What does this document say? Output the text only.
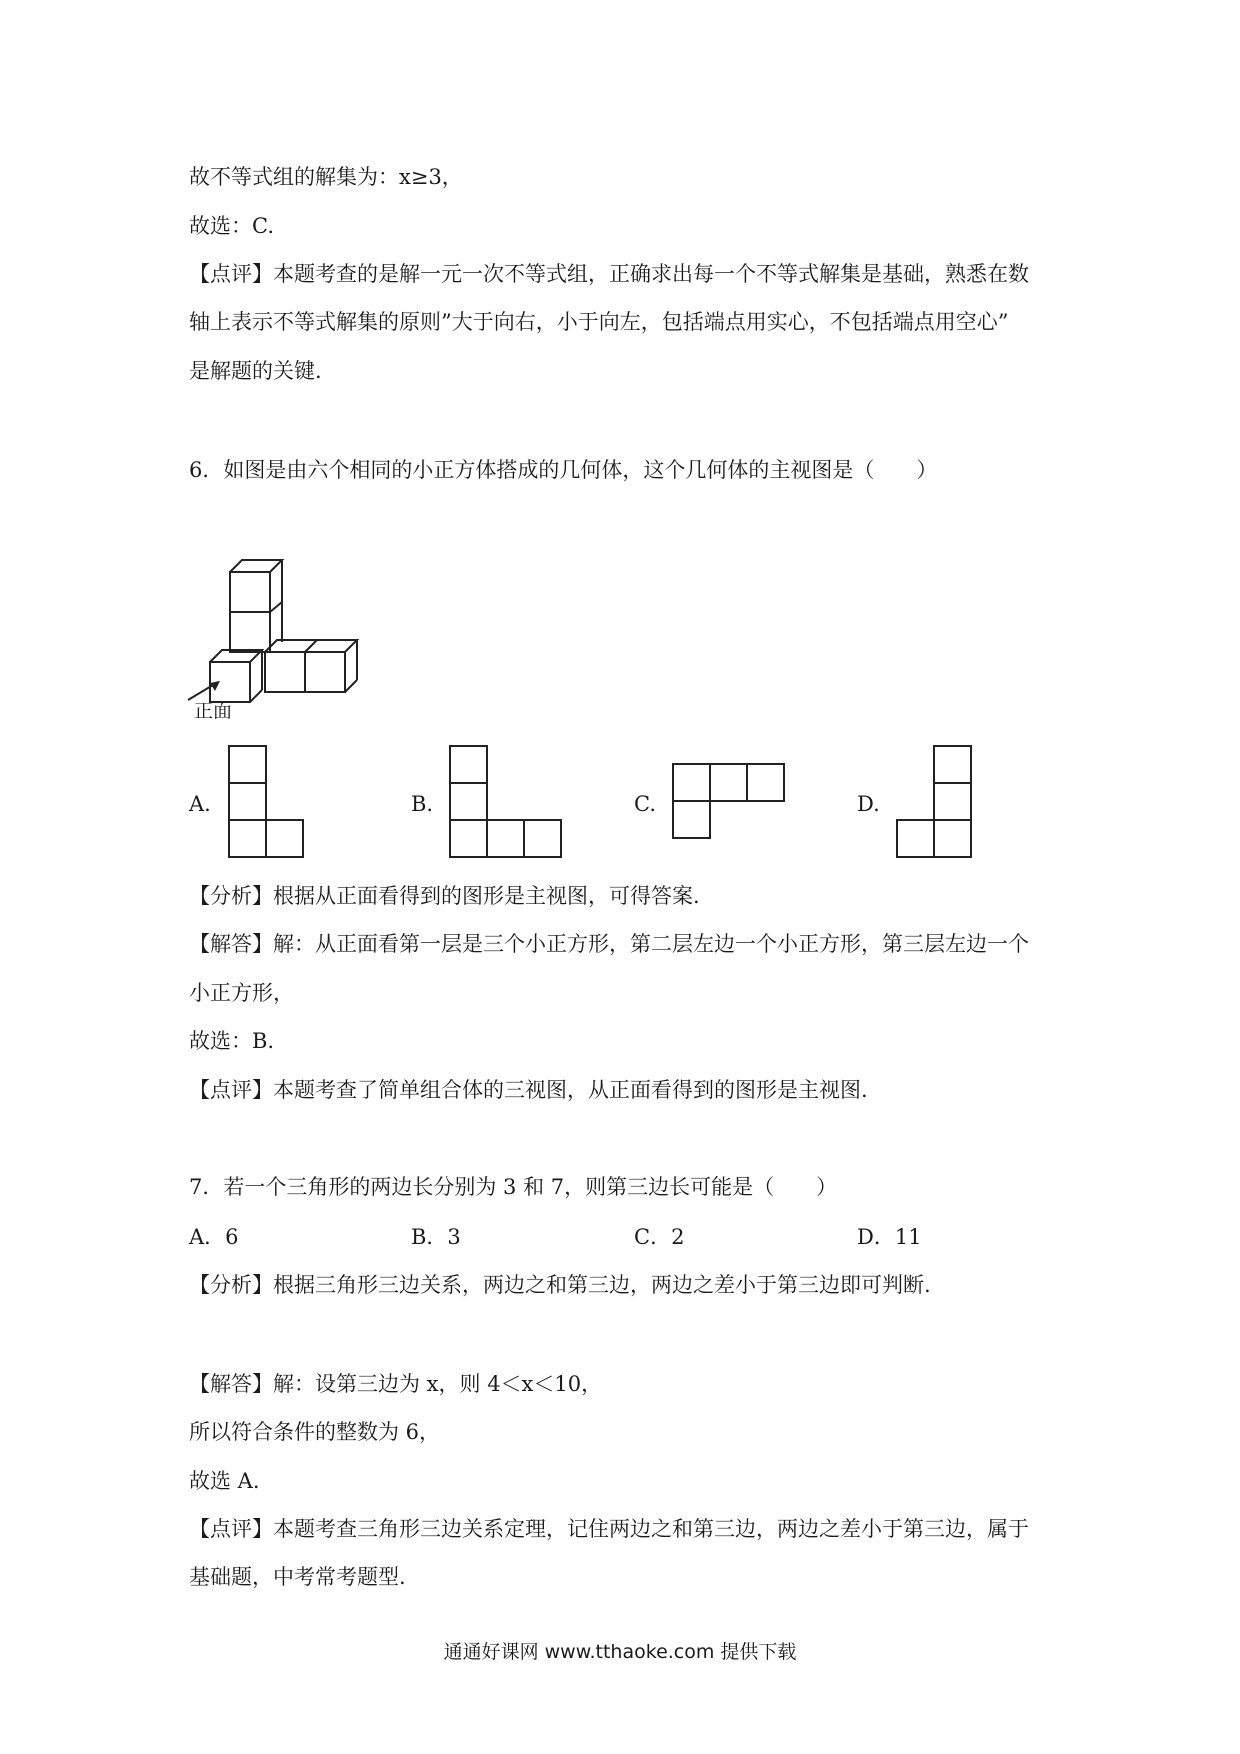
故不等式组的解集为：x≥3，
故选：C.
【点评】本题考查的是解一元一次不等式组，正确求出每一个不等式解集是基础，熟悉在数
轴上表示不等式解集的原则”大于向右，小于向左，包括端点用实心，不包括端点用空心”
是解题的关键.
6．如图是由六个相同的小正方体搭成的几何体，这个几何体的主视图是（　　）
正面
A.	B.	C.	D.
【分析】根据从正面看得到的图形是主视图，可得答案.
【解答】解：从正面看第一层是三个小正方形，第二层左边一个小正方形，第三层左边一个
小正方形，
故选：B.
【点评】本题考查了简单组合体的三视图，从正面看得到的图形是主视图.
7．若一个三角形的两边长分别为 3 和 7，则第三边长可能是（　　）
A．6	B．3	C．2	D．11
【分析】根据三角形三边关系，两边之和第三边，两边之差小于第三边即可判断.
【解答】解：设第三边为 x，则 4＜x＜10，
所以符合条件的整数为 6，
故选 A.
【点评】本题考查三角形三边关系定理，记住两边之和第三边，两边之差小于第三边，属于
基础题，中考常考题型.
通通好课网 www.tthaoke.com 提供下载
